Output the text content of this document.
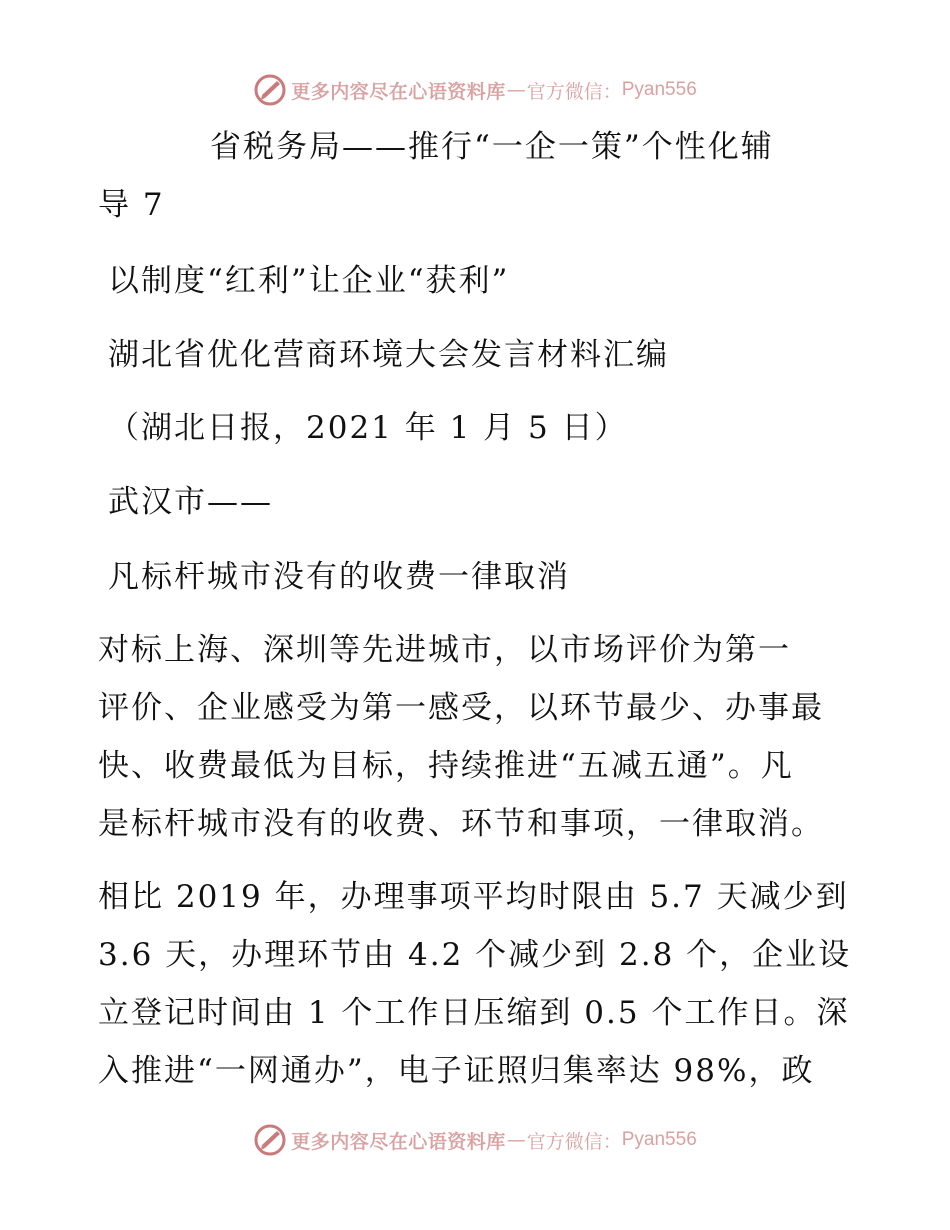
更多内容尽在心语资料库 — 官方微信： Pyan556
省税务局——推行“一企一策”个性化辅
导 7
以制度“红利”让企业“获利”
湖北省优化营商环境大会发言材料汇编
（湖北日报，2021 年 1 月 5 日）
武汉市——
凡标杆城市没有的收费一律取消
对标上海、深圳等先进城市，以市场评价为第一
评价、企业感受为第一感受，以环节最少、办事最
快、收费最低为目标，持续推进“五减五通”。凡
是标杆城市没有的收费、环节和事项，一律取消。
相比 2019 年，办理事项平均时限由 5.7 天减少到
3.6 天，办理环节由 4.2 个减少到 2.8 个，企业设
立登记时间由 1 个工作日压缩到 0.5 个工作日。深
入推进“一网通办”，电子证照归集率达 98%，政
更多内容尽在心语资料库 — 官方微信： Pyan556
